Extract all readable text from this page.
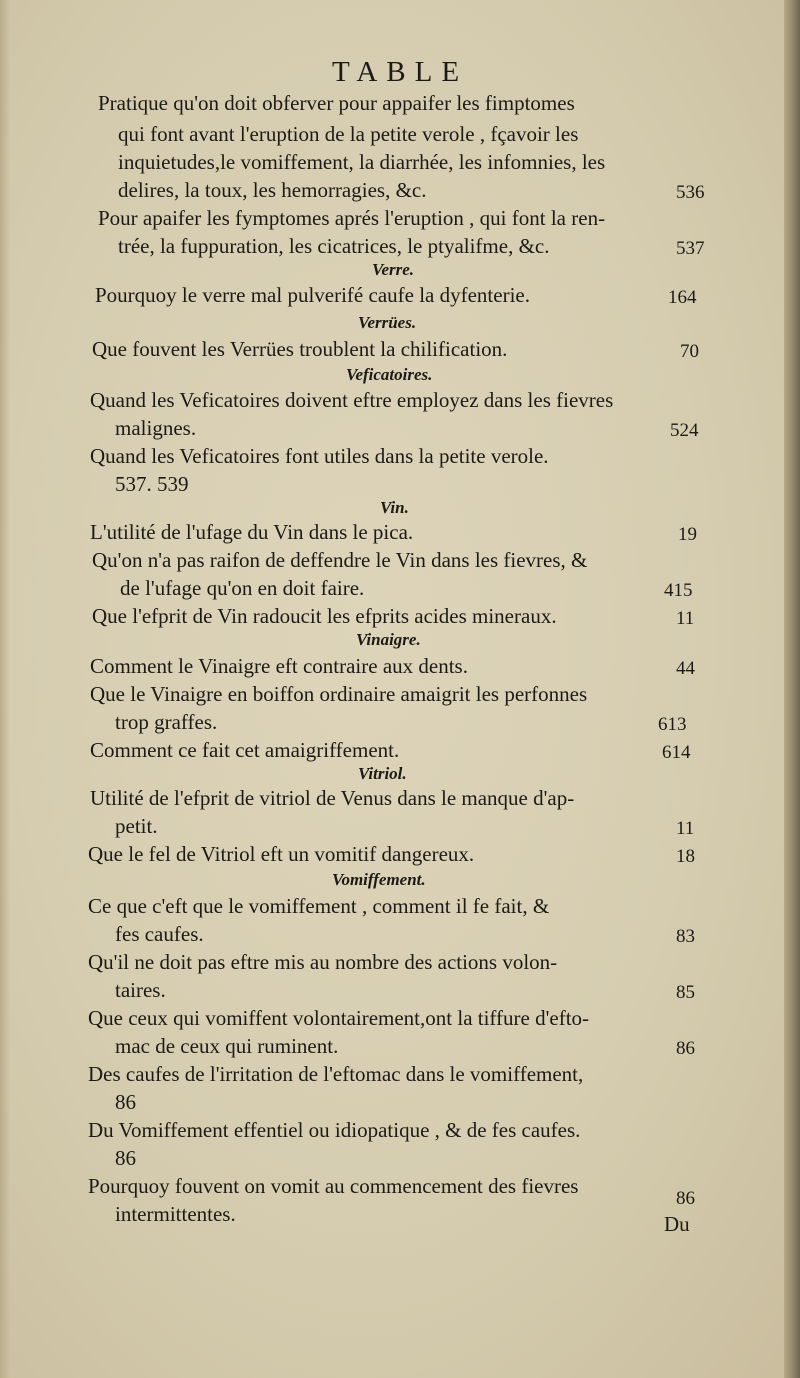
TABLE
Pratique qu'on doit obferver pour appaifer les fimptomes
qui font avant l'eruption de la petite verole , fçavoir les
inquietudes,le vomiffement, la diarrhée, les infomnies, les
delires, la toux, les hemorragies, &c.	536
Pour apaifer les fymptomes aprés l'eruption , qui font la ren-
trée, la fuppuration, les cicatrices, le ptyalifme, &c.	537
Verre.
Pourquoy le verre mal pulverifé caufe la dyfenterie.	164
Verrües.
Que fouvent les Verrües troublent la chilification.	70
Veficatoires.
Quand les Veficatoires doivent eftre employez dans les fievres
malignes.	524
Quand les Veficatoires font utiles dans la petite verole.
537. 539
Vin.
L'utilité de l'ufage du Vin dans le pica.	19
Qu'on n'a pas raifon de deffendre le Vin dans les fievres, &
de l'ufage qu'on en doit faire.	415
Que l'efprit de Vin radoucit les efprits acides mineraux.	11
Vinaigre.
Comment le Vinaigre eft contraire aux dents.	44
Que le Vinaigre en boiffon ordinaire amaigrit les perfonnes
trop graffes.	613
Comment ce fait cet amaigriffement.	614
Vitriol.
Utilité de l'efprit de vitriol de Venus dans le manque d'ap-
petit.	11
Que le fel de Vitriol eft un vomitif dangereux.	18
Vomiffement.
Ce que c'eft que le vomiffement , comment il fe fait, &
fes caufes.	83
Qu'il ne doit pas eftre mis au nombre des actions volon-
taires.	85
Que ceux qui vomiffent volontairement,ont la tiffure d'efto-
mac de ceux qui ruminent.	86
Des caufes de l'irritation de l'eftomac dans le vomiffement,
86
Du Vomiffement effentiel ou idiopatique , & de fes caufes.
86
Pourquoy fouvent on vomit au commencement des fievres
intermittentes.
86
Du
